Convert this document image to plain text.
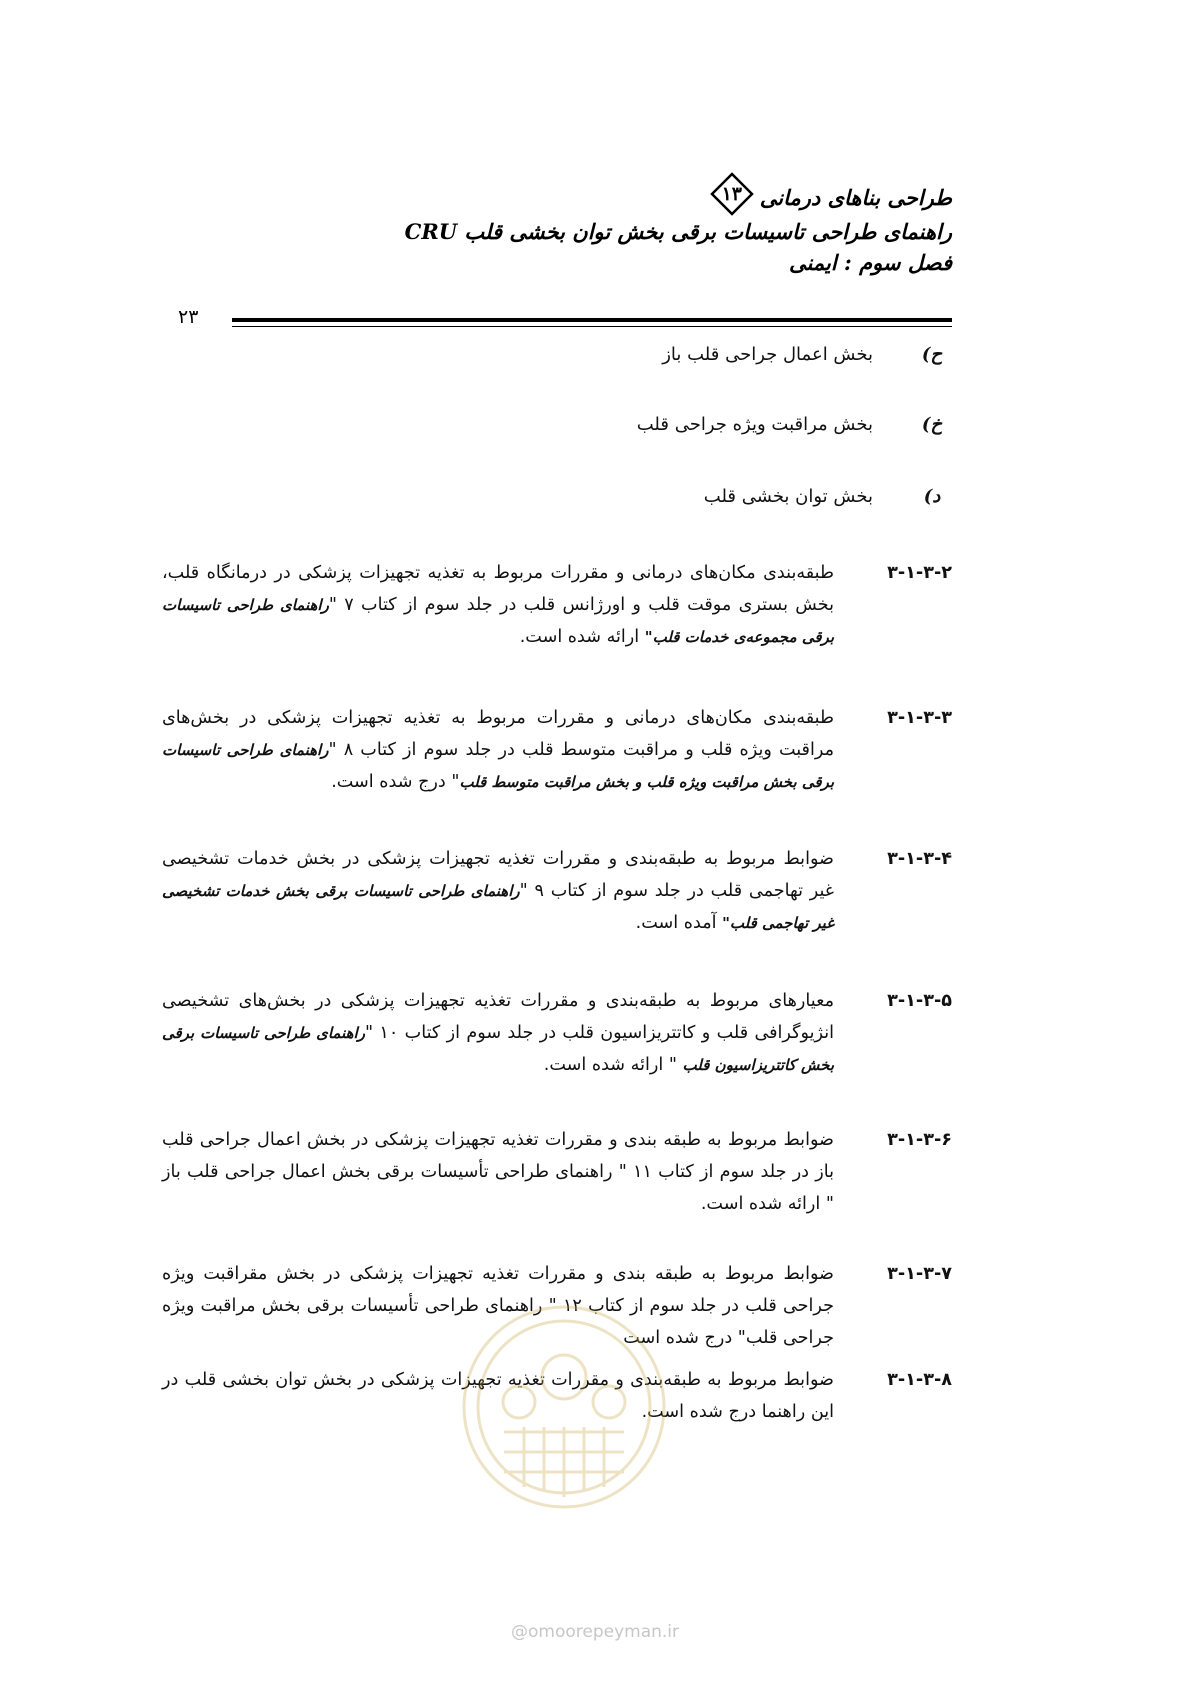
طراحی بناهای درمانی
۱۳
راهنمای طراحی تاسیسات برقی بخش توان بخشی قلب CRU
فصل سوم : ایمنی
۲۳
ح)
بخش اعمال جراحی قلب باز
خ)
بخش مراقبت ویژه جراحی قلب
د)
بخش توان بخشی قلب
۳-۱-۳-۲
طبقه‌بندی مکان‌های درمانی و مقررات مربوط به تغذیه تجهیزات پزشکی در درمانگاه قلب، بخش بستری موقت قلب و اورژانس قلب در جلد سوم از کتاب ۷ "راهنمای طراحی تاسیسات برقی مجموعه‌ی خدمات قلب" ارائه شده است.
۳-۱-۳-۳
طبقه‌بندی مکان‌های درمانی و مقررات مربوط به تغذیه تجهیزات پزشکی در بخش‌های مراقبت ویژه قلب و مراقبت متوسط قلب در جلد سوم از کتاب ۸ "راهنمای طراحی تاسیسات برقی بخش مراقبت ویژه قلب و بخش مراقبت متوسط قلب" درج شده است.
۳-۱-۳-۴
ضوابط مربوط به طبقه‌بندی و مقررات تغذیه تجهیزات پزشکی در بخش خدمات تشخیصی غیر تهاجمی قلب در جلد سوم از کتاب ۹ "راهنمای طراحی تاسیسات برقی بخش خدمات تشخیصی غیر تهاجمی قلب" آمده است.
۳-۱-۳-۵
معیارهای مربوط به طبقه‌بندی و مقررات تغذیه تجهیزات پزشکی در بخش‌های تشخیصی انژیوگرافی قلب و کاتتریزاسیون قلب در جلد سوم از کتاب ۱۰ "راهنمای طراحی تاسیسات برقی بخش کاتتریزاسیون قلب " ارائه شده است.
۳-۱-۳-۶
ضوابط مربوط به طبقه بندی و مقررات تغذیه تجهیزات پزشکی در بخش اعمال جراحی قلب باز در جلد سوم از کتاب ۱۱ " راهنمای طراحی تأسیسات برقی بخش اعمال جراحی قلب باز " ارائه شده است.
۳-۱-۳-۷
ضوابط مربوط به طبقه بندی و مقررات تغذیه تجهیزات پزشکی در بخش مقراقبت ویژه جراحی قلب در جلد سوم از کتاب ۱۲ " راهنمای طراحی تأسیسات برقی بخش مراقبت ویژه جراحی قلب" درج شده است
۳-۱-۳-۸
ضوابط مربوط به طبقه‌بندی و مقررات تغذیه تجهیزات پزشکی در بخش توان بخشی قلب در این راهنما درج شده است.
@omoorepeyman.ir
